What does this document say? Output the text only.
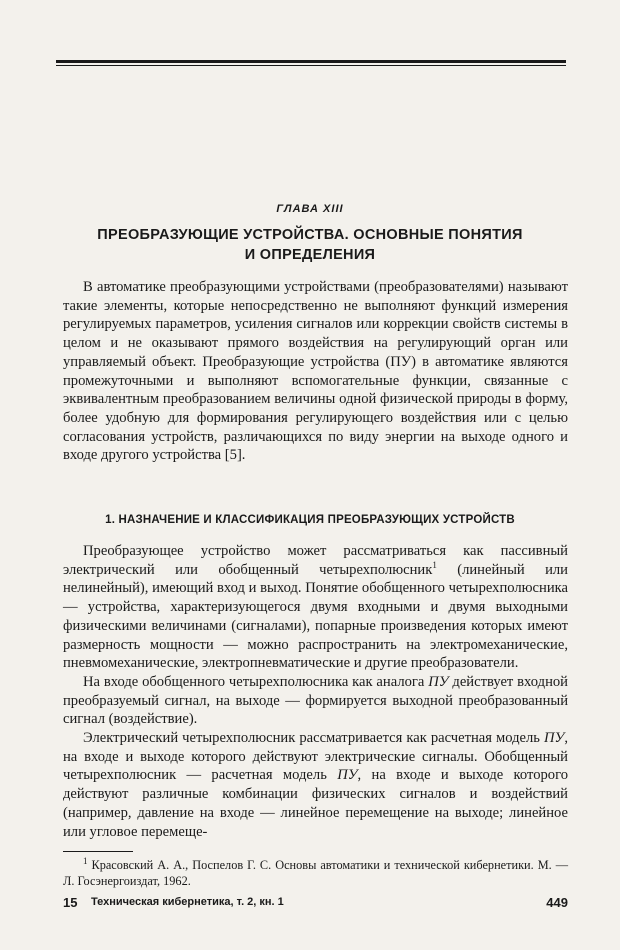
ГЛАВА XIII
ПРЕОБРАЗУЮЩИЕ УСТРОЙСТВА. ОСНОВНЫЕ ПОНЯТИЯ
И ОПРЕДЕЛЕНИЯ

В автоматике преобразующими устройствами (преобразователями) называют такие элементы, которые непосредственно не выполняют функций измерения регулируемых параметров, усиления сигналов или коррекции свойств системы в целом и не оказывают прямого воздействия на регулирующий орган или управляемый объект. Преобразующие устройства (ПУ) в автоматике являются промежуточными и выполняют вспомогательные функции, связанные с эквивалентным преобразованием величины одной физической природы в форму, более удобную для формирования регулирующего воздействия или с целью согласования устройств, различающихся по виду энергии на выходе одного и входе другого устройства [5].

1. НАЗНАЧЕНИЕ И КЛАССИФИКАЦИЯ ПРЕОБРАЗУЮЩИХ УСТРОЙСТВ

Преобразующее устройство может рассматриваться как пассивный электрический или обобщенный четырехполюсник$^1$ (линейный или нелинейный), имеющий вход и выход. Понятие обобщенного четырехполюсника — устройства, характеризующегося двумя входными и двумя выходными физическими величинами (сигналами), попарные произведения которых имеют размерность мощности — можно распространить на электромеханические, пневмомеханические, электропневматические и другие преобразователи.

На входе обобщенного четырехполюсника как аналога ПУ действует входной преобразуемый сигнал, на выходе — формируется выходной преобразованный сигнал (воздействие).

Электрический четырехполюсник рассматривается как расчетная модель ПУ, на входе и выходе которого действуют электрические сигналы. Обобщенный четырехполюсник — расчетная модель ПУ, на входе и выходе которого действуют различные комбинации физических сигналов и воздействий (например, давление на входе — линейное перемещение на выходе; линейное или угловое перемеще-

$^1$ Красовский А. А., Поспелов Г. С. Основы автоматики и технической кибернетики. М. — Л. Госэнергоиздат, 1962.

15 Техническая кибернетика, т. 2, кн. 1	449
